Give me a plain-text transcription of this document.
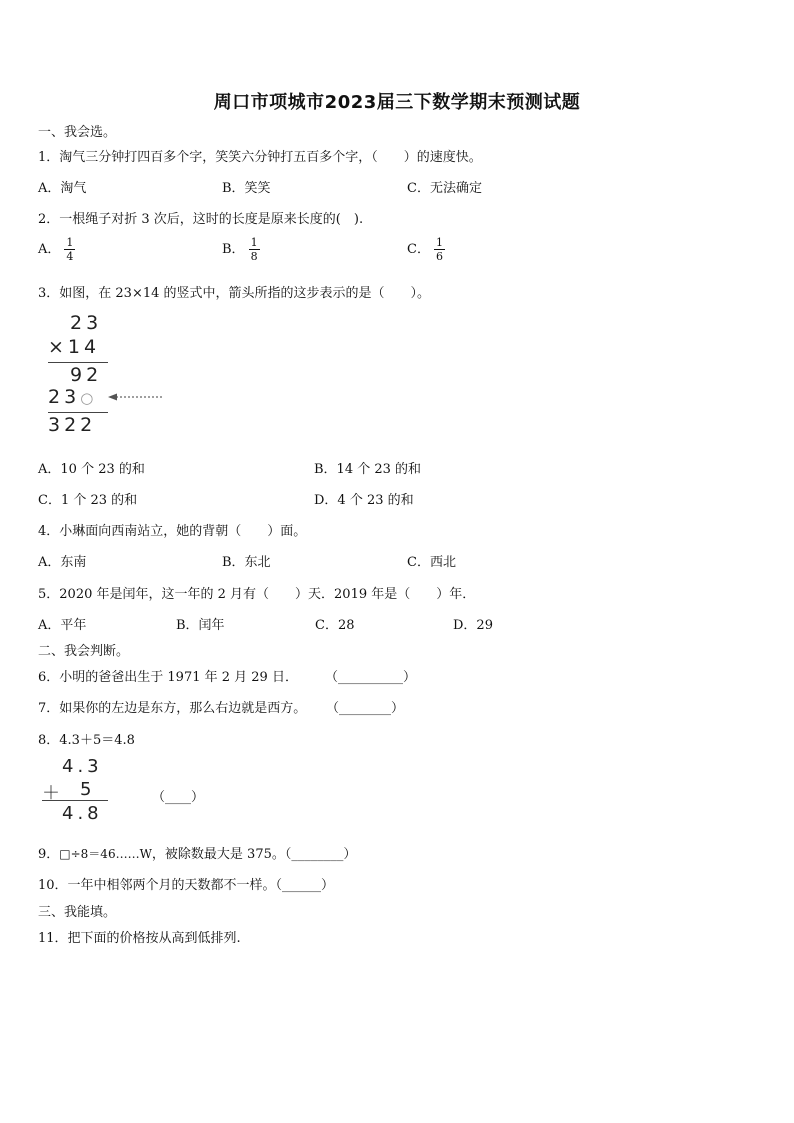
周口市项城市2023届三下数学期末预测试题
一、我会选。
1．淘气三分钟打四百多个字，笑笑六分钟打五百多个字，（　　）的速度快。
A．淘气	B．笑笑	C．无法确定
2．一根绳子对折 3 次后，这时的长度是原来长度的(　).
A． $\frac{1}{4}$	B． $\frac{1}{8}$	C． $\frac{1}{6}$
3．如图，在 23×14 的竖式中，箭头所指的这步表示的是（　　）。
23
×14
92
23○
322
A．10 个 23 的和	B．14 个 23 的和
C．1 个 23 的和	D．4 个 23 的和
4．小琳面向西南站立，她的背朝（　　）面。
A．东南	B．东北	C．西北
5．2020 年是闰年，这一年的 2 月有（　　）天．2019 年是（　　）年．
A．平年	B．闰年	C．28	D．29
二、我会判断。
6．小明的爸爸出生于 1971 年 2 月 29 日． （__________）
7．如果你的左边是东方，那么右边就是西方。 （________）
8．4.3＋5＝4.8
4.3
＋ 5
4.8
（____）
9．□÷8＝46……W，被除数最大是 375。（________）
10．一年中相邻两个月的天数都不一样。（______）
三、我能填。
11．把下面的价格按从高到低排列.
